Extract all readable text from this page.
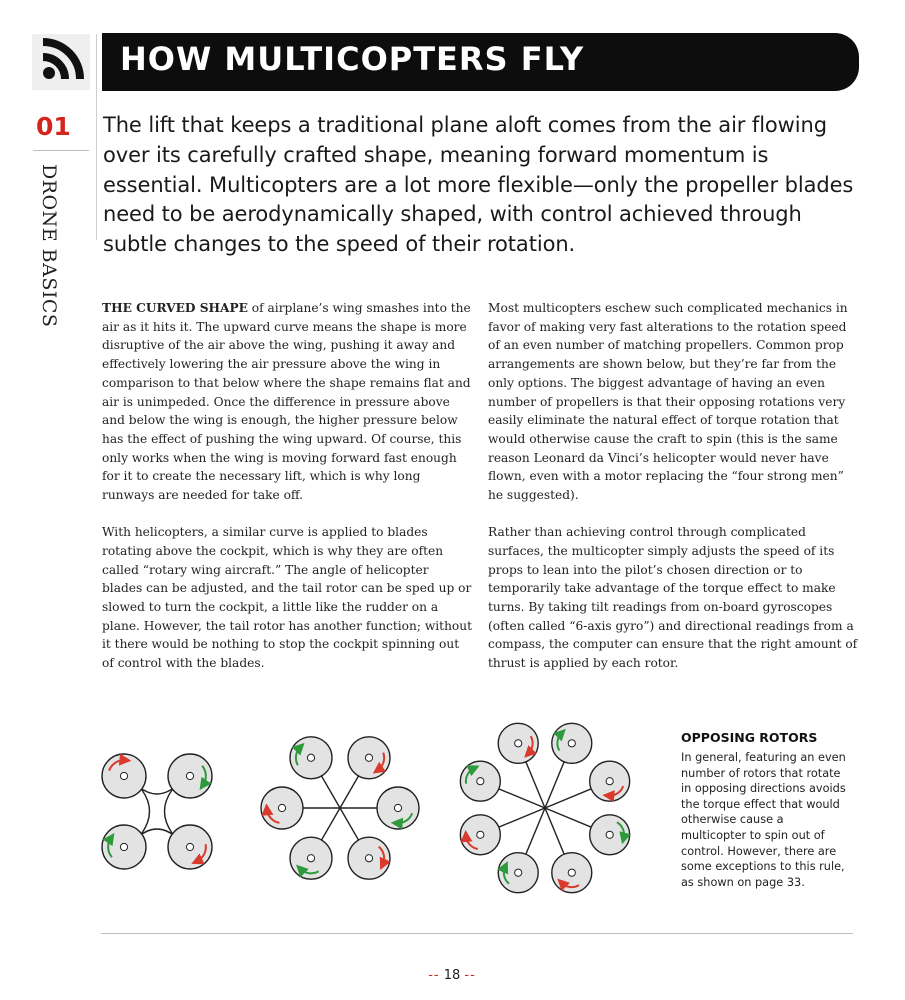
HOW MULTICOPTERS FLY
01
DRONE BASICS
The lift that keeps a traditional plane aloft comes from the air flowing over its carefully crafted shape, meaning forward momentum is essential. Multicopters are a lot more flexible—only the propeller blades need to be aerodynamically shaped, with control achieved through subtle changes to the speed of their rotation.

THE CURVED SHAPE of airplane’s wing smashes into the air as it hits it. The upward curve means the shape is more disruptive of the air above the wing, pushing it away and effectively lowering the air pressure above the wing in comparison to that below where the shape remains flat and air is unimpeded. Once the difference in pressure above and below the wing is enough, the higher pressure below has the effect of pushing the wing upward. Of course, this only works when the wing is moving forward fast enough for it to create the necessary lift, which is why long runways are needed for take off.

With helicopters, a similar curve is applied to blades rotating above the cockpit, which is why they are often called “rotary wing aircraft.” The angle of helicopter blades can be adjusted, and the tail rotor can be sped up or slowed to turn the cockpit, a little like the rudder on a plane. However, the tail rotor has another function; without it there would be nothing to stop the cockpit spinning out of control with the blades.

Most multicopters eschew such complicated mechanics in favor of making very fast alterations to the rotation speed of an even number of matching propellers. Common prop arrangements are shown below, but they’re far from the only options. The biggest advantage of having an even number of propellers is that their opposing rotations very easily eliminate the natural effect of torque rotation that would otherwise cause the craft to spin (this is the same reason Leonard da Vinci’s helicopter would never have flown, even with a motor replacing the “four strong men” he suggested).

Rather than achieving control through complicated surfaces, the multicopter simply adjusts the speed of its props to lean into the pilot’s chosen direction or to temporarily take advantage of the torque effect to make turns. By taking tilt readings from on-board gyroscopes (often called “6-axis gyro”) and directional readings from a compass, the computer can ensure that the right amount of thrust is applied by each rotor.

OPPOSING ROTORS
In general, featuring an even number of rotors that rotate in opposing directions avoids the torque effect that would otherwise cause a multicopter to spin out of control. However, there are some exceptions to this rule, as shown on page 33.
-- 18 --
